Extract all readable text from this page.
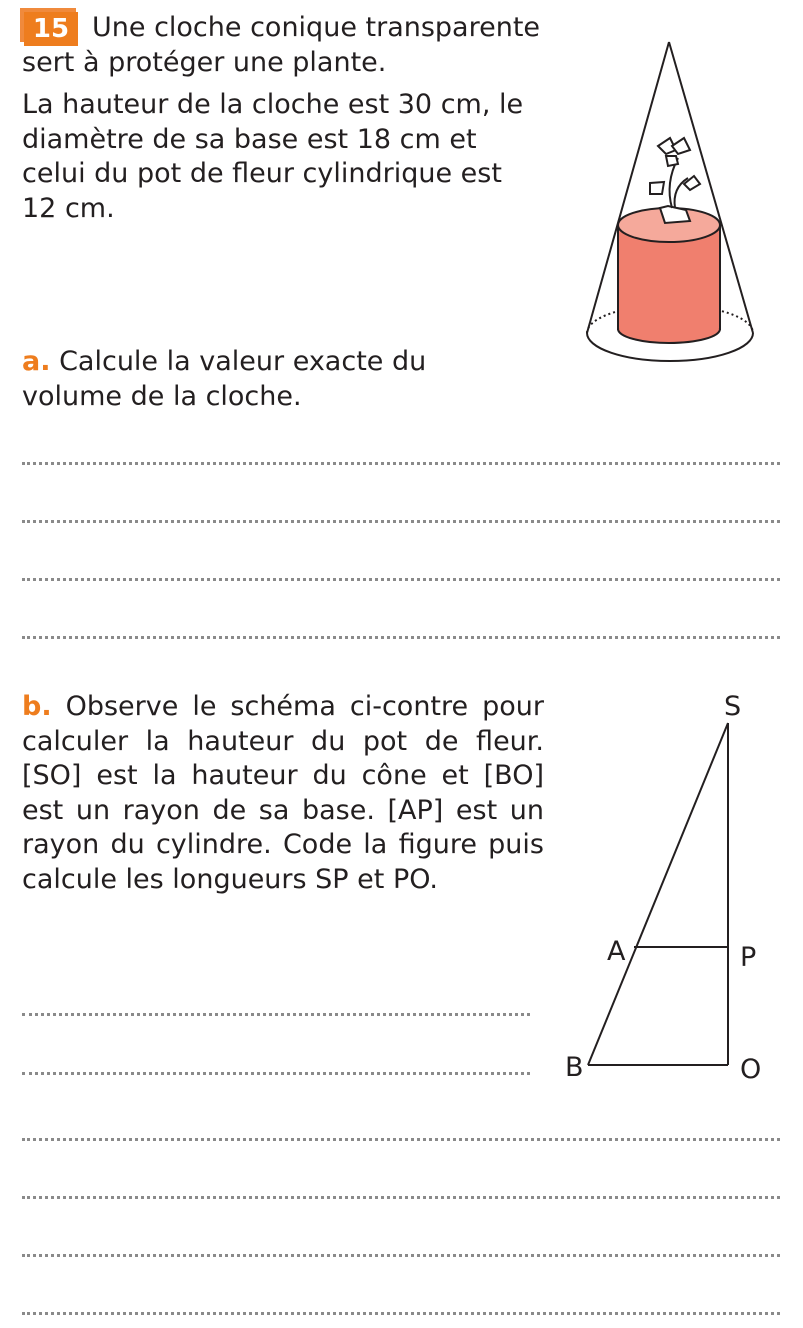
15 Une cloche conique transparente

sert à protéger une plante.

La hauteur de la cloche est 30 cm, le diamètre de sa base est 18 cm et celui du pot de fleur cylindrique est 12 cm.

a. Calcule la valeur exacte du volume de la cloche.

b. Observe le schéma ci-contre pour calculer la hauteur du pot de fleur. [SO] est la hauteur du cône et [BO] est un rayon de sa base. [AP] est un rayon du cylindre. Code la figure puis calcule les longueurs SP et PO.

S
A	P
B	O
